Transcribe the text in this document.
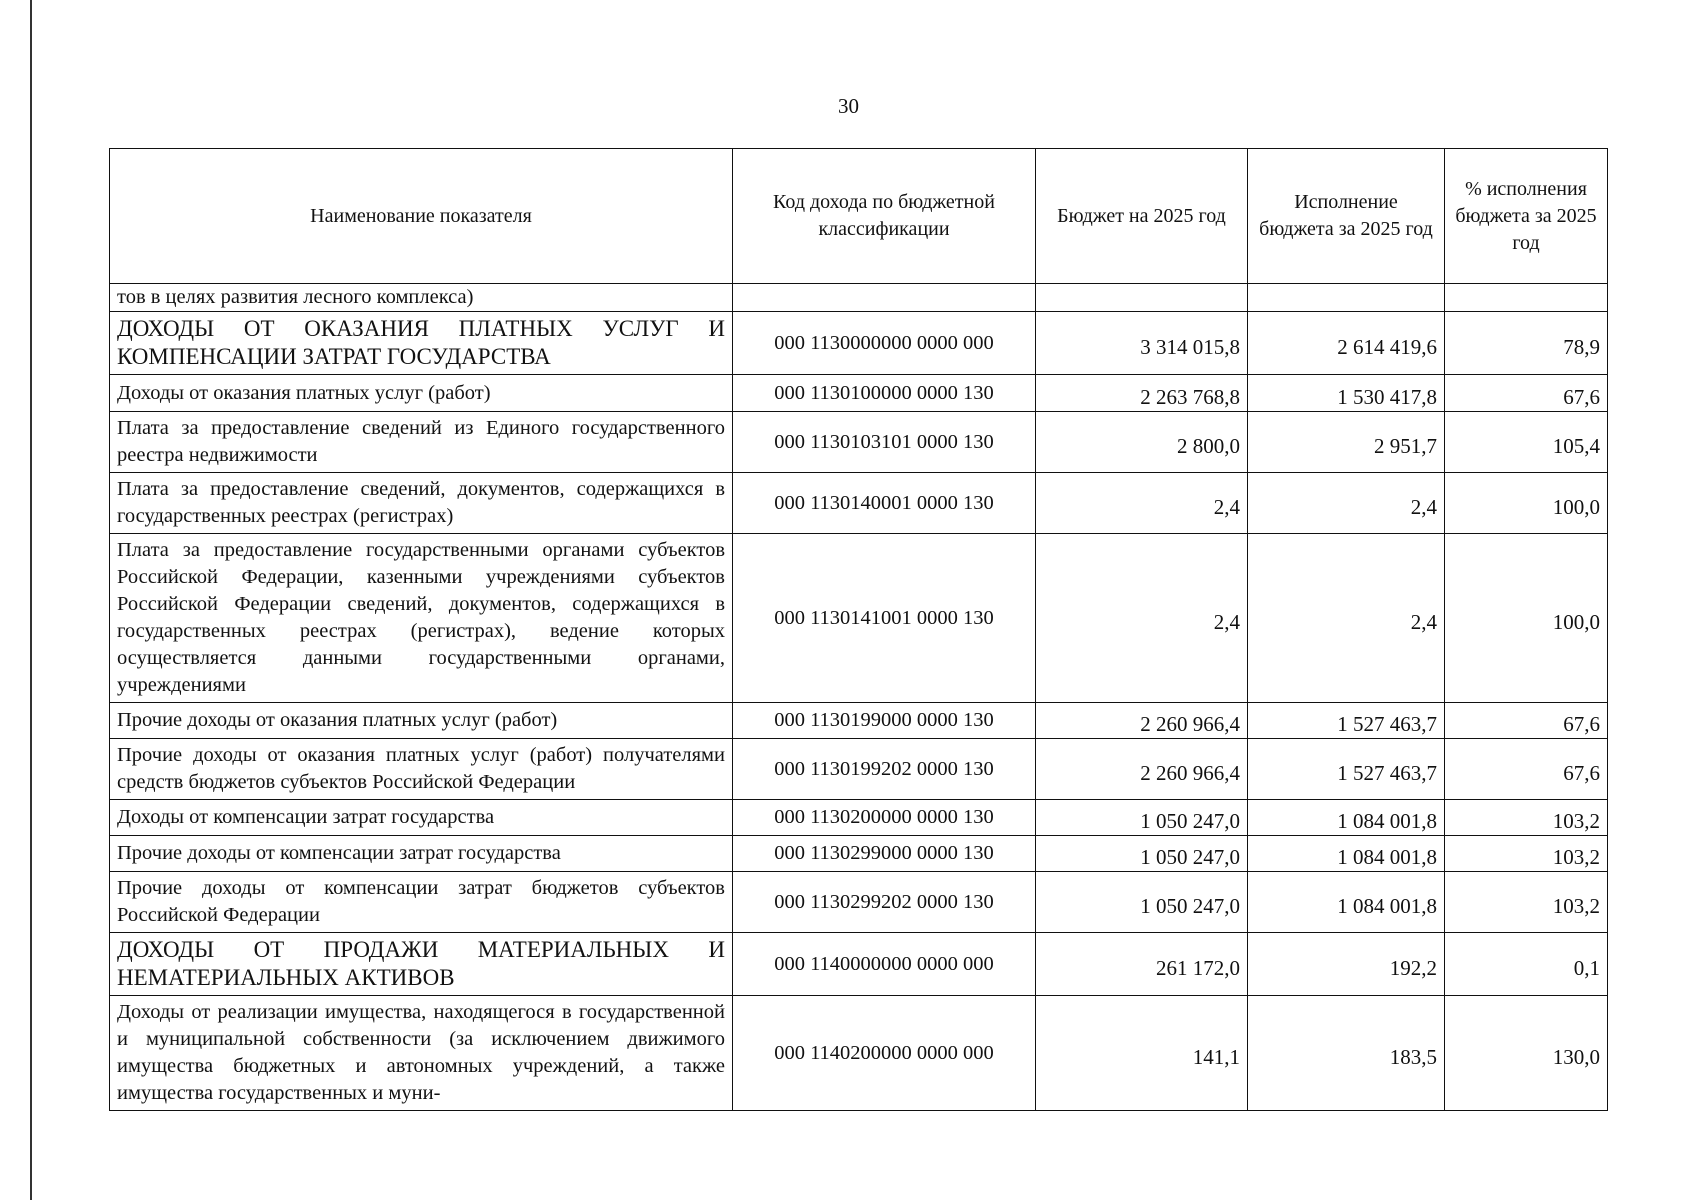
30
Наименование показателя	Код дохода по бюджетной классификации	Бюджет на 2025 год	Исполнение бюджета за 2025 год	% исполнения бюджета за 2025 год
тов в целях развития лесного комплекса)				
ДОХОДЫ ОТ ОКАЗАНИЯ ПЛАТНЫХ УСЛУГ И КОМПЕНСАЦИИ ЗАТРАТ ГОСУДАРСТВА	000 1130000000 0000 000	3 314 015,8	2 614 419,6	78,9
Доходы от оказания платных услуг (работ)	000 1130100000 0000 130	2 263 768,8	1 530 417,8	67,6
Плата за предоставление сведений из Единого государственного реестра недвижимости	000 1130103101 0000 130	2 800,0	2 951,7	105,4
Плата за предоставление сведений, документов, содержащихся в государственных реестрах (регистрах)	000 1130140001 0000 130	2,4	2,4	100,0
Плата за предоставление государственными органами субъектов Российской Федерации, казенными учреждениями субъектов Российской Федерации сведений, документов, содержащихся в государственных реестрах (регистрах), ведение которых осуществляется данными государственными органами, учреждениями	000 1130141001 0000 130	2,4	2,4	100,0
Прочие доходы от оказания платных услуг (работ)	000 1130199000 0000 130	2 260 966,4	1 527 463,7	67,6
Прочие доходы от оказания платных услуг (работ) получателями средств бюджетов субъектов Российской Федерации	000 1130199202 0000 130	2 260 966,4	1 527 463,7	67,6
Доходы от компенсации затрат государства	000 1130200000 0000 130	1 050 247,0	1 084 001,8	103,2
Прочие доходы от компенсации затрат государства	000 1130299000 0000 130	1 050 247,0	1 084 001,8	103,2
Прочие доходы от компенсации затрат бюджетов субъектов Российской Федерации	000 1130299202 0000 130	1 050 247,0	1 084 001,8	103,2
ДОХОДЫ ОТ ПРОДАЖИ МАТЕРИАЛЬНЫХ И НЕМАТЕРИАЛЬНЫХ АКТИВОВ	000 1140000000 0000 000	261 172,0	192,2	0,1
Доходы от реализации имущества, находящегося в государственной и муниципальной собственности (за исключением движимого имущества бюджетных и автономных учреждений, а также имущества государственных и муни-	000 1140200000 0000 000	141,1	183,5	130,0
